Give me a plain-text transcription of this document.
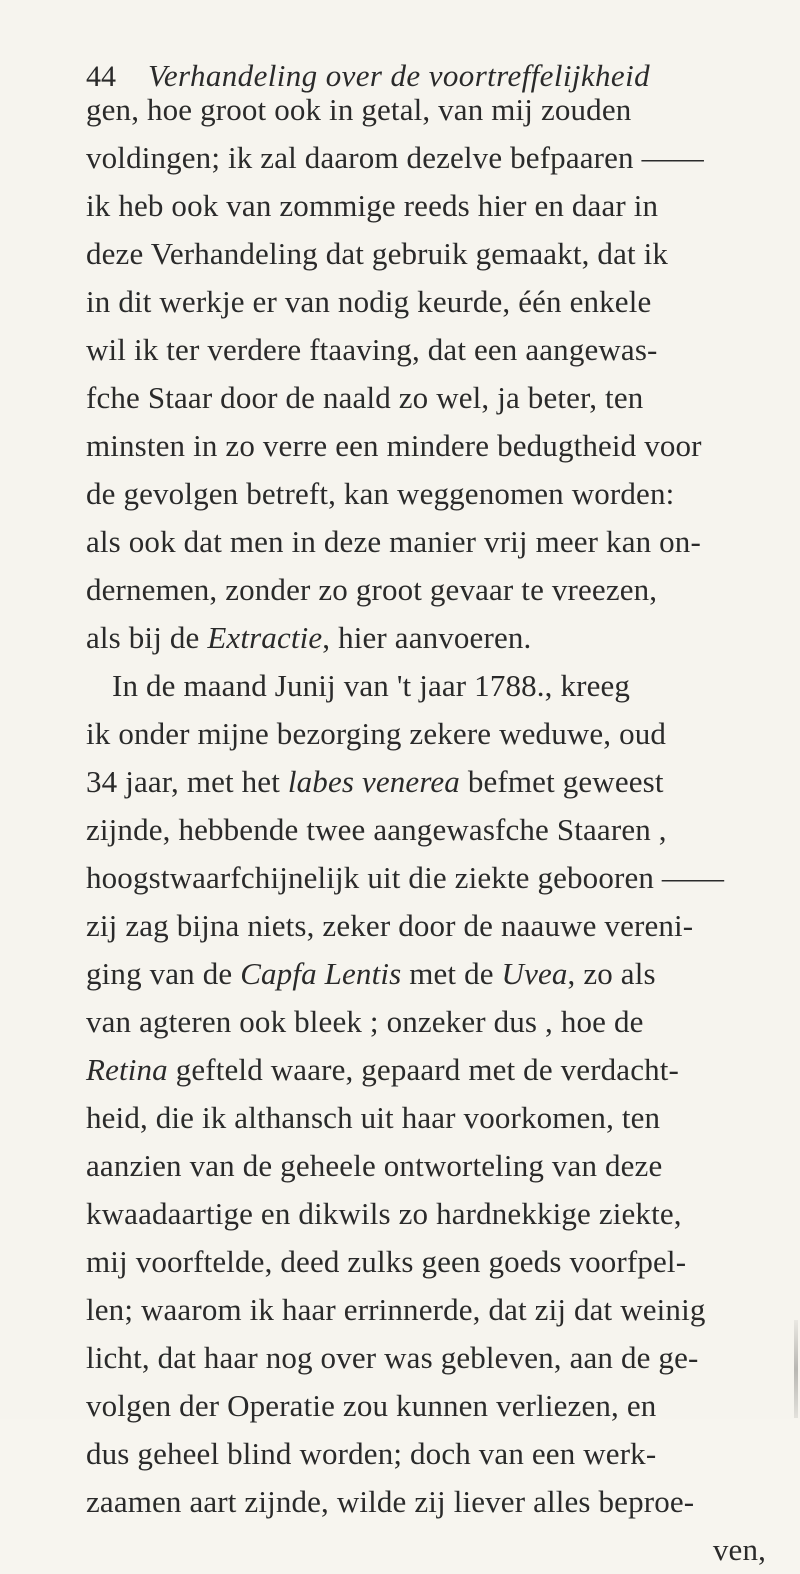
44 Verhandeling over de voortreffelijkheid
gen, hoe groot ook in getal, van mij zouden
voldingen; ik zal daarom dezelve befpaaren ——
ik heb ook van zommige reeds hier en daar in
deze Verhandeling dat gebruik gemaakt, dat ik
in dit werkje er van nodig keurde, één enkele
wil ik ter verdere ftaaving, dat een aangewas-
fche Staar door de naald zo wel, ja beter, ten
minsten in zo verre een mindere bedugtheid voor
de gevolgen betreft, kan weggenomen worden:
als ook dat men in deze manier vrij meer kan on-
dernemen, zonder zo groot gevaar te vreezen,
als bij de Extractie, hier aanvoeren.
In de maand Junij van 't jaar 1788., kreeg
ik onder mijne bezorging zekere weduwe, oud
34 jaar, met het labes venerea befmet geweest
zijnde, hebbende twee aangewasfche Staaren ,
hoogstwaarfchijnelijk uit die ziekte gebooren ——
zij zag bijna niets, zeker door de naauwe vereni-
ging van de Capfa Lentis met de Uvea, zo als
van agteren ook bleek ; onzeker dus , hoe de
Retina gefteld waare, gepaard met de verdacht-
heid, die ik althansch uit haar voorkomen, ten
aanzien van de geheele ontworteling van deze
kwaadaartige en dikwils zo hardnekkige ziekte,
mij voorftelde, deed zulks geen goeds voorfpel-
len; waarom ik haar errinnerde, dat zij dat weinig
licht, dat haar nog over was gebleven, aan de ge-
volgen der Operatie zou kunnen verliezen, en
dus geheel blind worden; doch van een werk-
zaamen aart zijnde, wilde zij liever alles beproe-
ven,
